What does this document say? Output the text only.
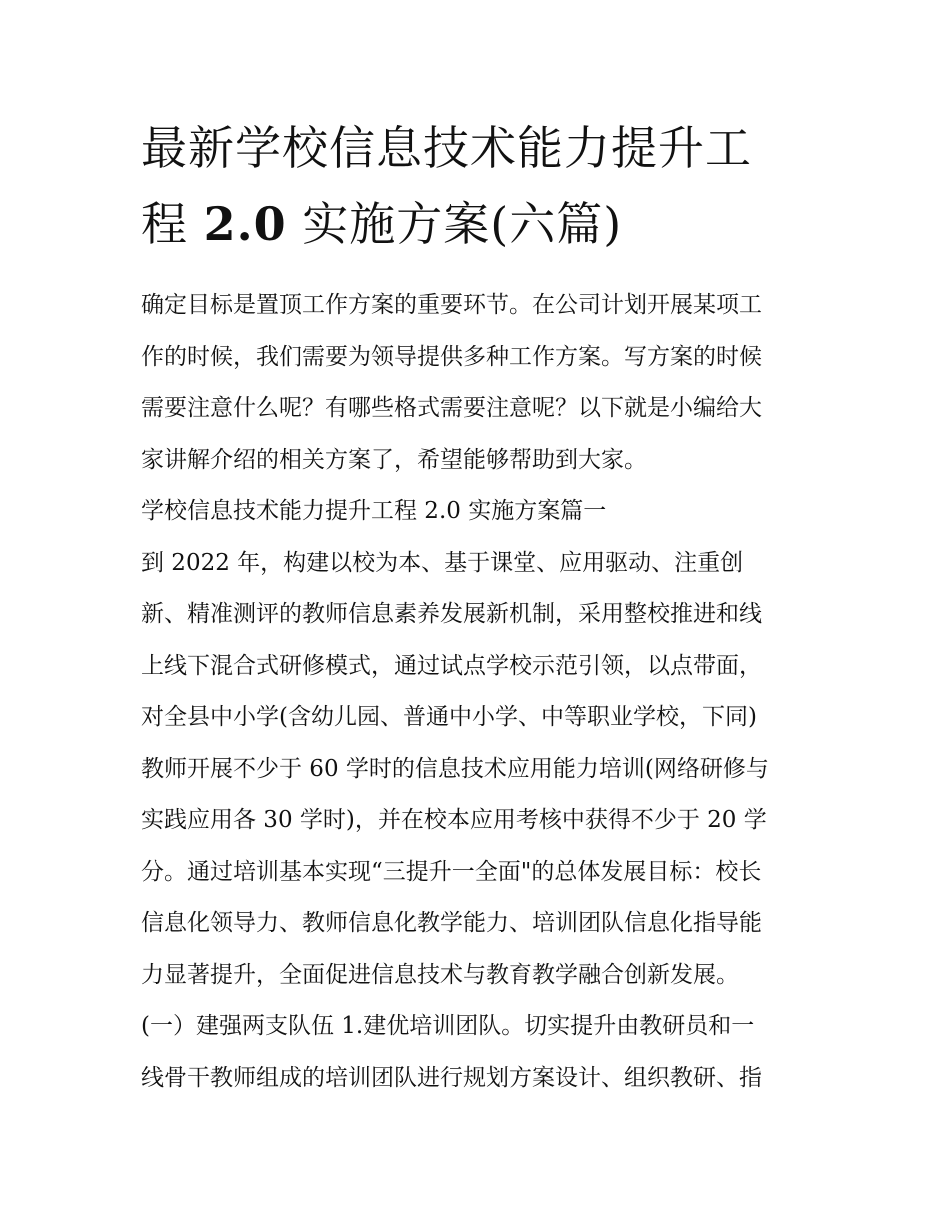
最新学校信息技术能力提升工
程 2.0 实施方案(六篇)
确定目标是置顶工作方案的重要环节。在公司计划开展某项工
作的时候，我们需要为领导提供多种工作方案。写方案的时候
需要注意什么呢？有哪些格式需要注意呢？以下就是小编给大
家讲解介绍的相关方案了，希望能够帮助到大家。
学校信息技术能力提升工程 2.0 实施方案篇一
到 2022 年，构建以校为本、基于课堂、应用驱动、注重创
新、精准测评的教师信息素养发展新机制，采用整校推进和线
上线下混合式研修模式，通过试点学校示范引领，以点带面，
对全县中小学(含幼儿园、普通中小学、中等职业学校，下同)
教师开展不少于 60 学时的信息技术应用能力培训(网络研修与
实践应用各 30 学时)，并在校本应用考核中获得不少于 20 学
分。通过培训基本实现“三提升一全面"的总体发展目标：校长
信息化领导力、教师信息化教学能力、培训团队信息化指导能
力显著提升，全面促进信息技术与教育教学融合创新发展。
(一）建强两支队伍 1.建优培训团队。切实提升由教研员和一
线骨干教师组成的培训团队进行规划方案设计、组织教研、指
